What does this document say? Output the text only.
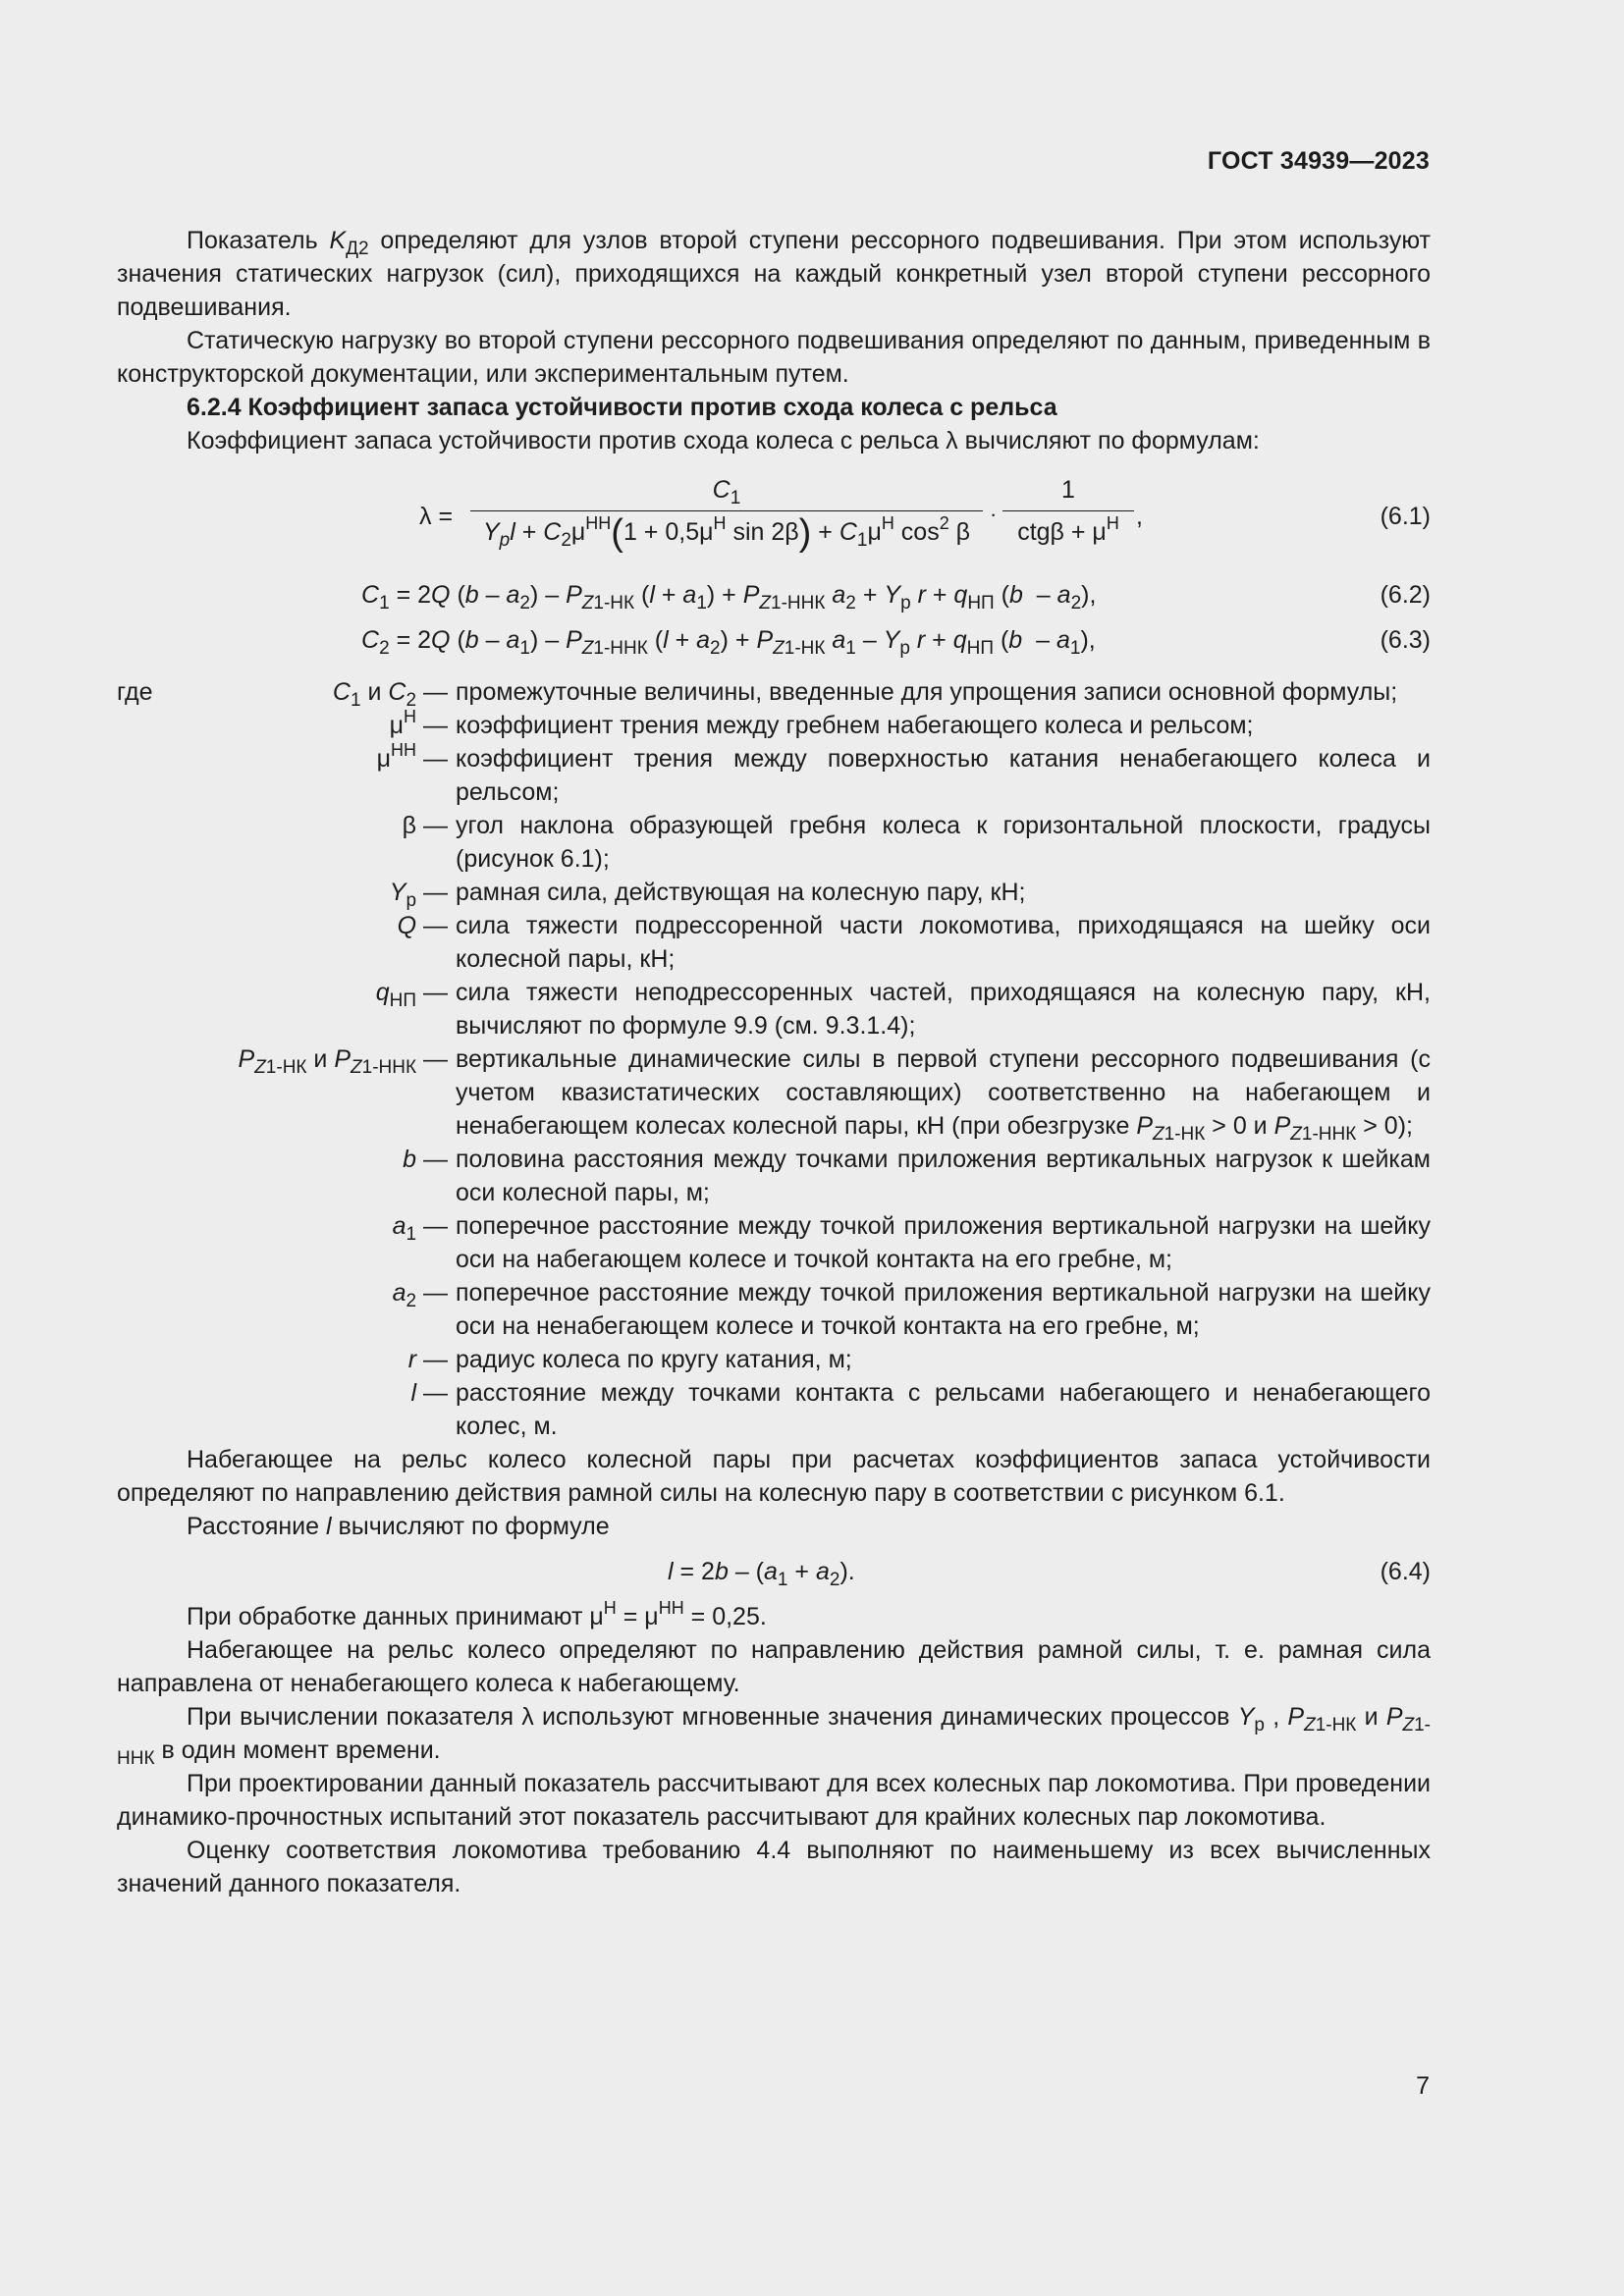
ГОСТ 34939—2023

Показатель $K_{Д2}$ определяют для узлов второй ступени рессорного подвешивания. При этом используют значения статических нагрузок (сил), приходящихся на каждый конкретный узел второй ступени рессорного подвешивания.

Статическую нагрузку во второй ступени рессорного подвешивания определяют по данным, приведенным в конструкторской документации, или экспериментальным путем.

6.2.4 Коэффициент запаса устойчивости против схода колеса с рельса

Коэффициент запаса устойчивости против схода колеса с рельса λ вычисляют по формулам:

λ =
$C_1$
$Y_pl + C_2\mu^{НН}(1 + 0,5\mu^Н$ $\sin 2\beta) + C_1\mu^Н$ $\cos^2 \beta$
·
1
$ctg\beta + \mu^Н$ ,	(6.1)
$C_1 = 2Q$ $(b - a_2) - P_{Z1-НК}$ $(l + a_1) + P_{Z1-ННК}$ $a_2 + Y_р$ $r + q_{НП}$ $(b - a_2)$,	(6.2)
$C_2 = 2Q$ $(b - a_1) - P_{Z1-ННК}$ $(l + a_2) + P_{Z1-НК}$ $a_1 - Y_р$ $r + q_{НП}$ $(b - a_1)$,	(6.3)
где	$C_1$ и $C_2$ — промежуточные величины, введенные для упрощения записи основной формулы;
$\mu^Н$ — коэффициент трения между гребнем набегающего колеса и рельсом;
$\mu^{НН}$ — коэффициент трения между поверхностью катания ненабегающего колеса и рельсом;
β — угол наклона образующей гребня колеса к горизонтальной плоскости, градусы (рисунок 6.1);
$Y_р$ — рамная сила, действующая на колесную пару, кН;
Q — сила тяжести подрессоренной части локомотива, приходящаяся на шейку оси колесной пары, кН;
$q_{НП}$ — сила тяжести неподрессоренных частей, приходящаяся на колесную пару, кН, вычисляют по формуле 9.9 (см. 9.3.1.4);
$P_{Z1-НК}$ и $P_{Z1-ННК}$ — вертикальные динамические силы в первой ступени рессорного подвешивания (с учетом квазистатических составляющих) соответственно на набегающем и ненабегающем колесах колесной пары, кН (при обезгрузке $P_{Z1-НК} > 0$ и $P_{Z1-ННК} > 0$);
b — половина расстояния между точками приложения вертикальных нагрузок к шейкам оси колесной пары, м;
$a_1$ — поперечное расстояние между точкой приложения вертикальной нагрузки на шейку оси на набегающем колесе и точкой контакта на его гребне, м;
$a_2$ — поперечное расстояние между точкой приложения вертикальной нагрузки на шейку оси на ненабегающем колесе и точкой контакта на его гребне, м;
r — радиус колеса по кругу катания, м;
l — расстояние между точками контакта с рельсами набегающего и ненабегающего колес, м.

Набегающее на рельс колесо колесной пары при расчетах коэффициентов запаса устойчивости определяют по направлению действия рамной силы на колесную пару в соответствии с рисунком 6.1.

Расстояние l вычисляют по формуле

$l = 2b - (a_1 + a_2)$.	(6.4)

При обработке данных принимают $\mu^Н = \mu^{НН} = 0,25$.

Набегающее на рельс колесо определяют по направлению действия рамной силы, т. е. рамная сила направлена от ненабегающего колеса к набегающему.

При вычислении показателя λ используют мгновенные значения динамических процессов $Y_р$ , $P_{Z1-НК}$ и $P_{Z1-ННК}$ в один момент времени.

При проектировании данный показатель рассчитывают для всех колесных пар локомотива. При проведении динамико-прочностных испытаний этот показатель рассчитывают для крайних колесных пар локомотива.

Оценку соответствия локомотива требованию 4.4 выполняют по наименьшему из всех вычисленных значений данного показателя.

7
